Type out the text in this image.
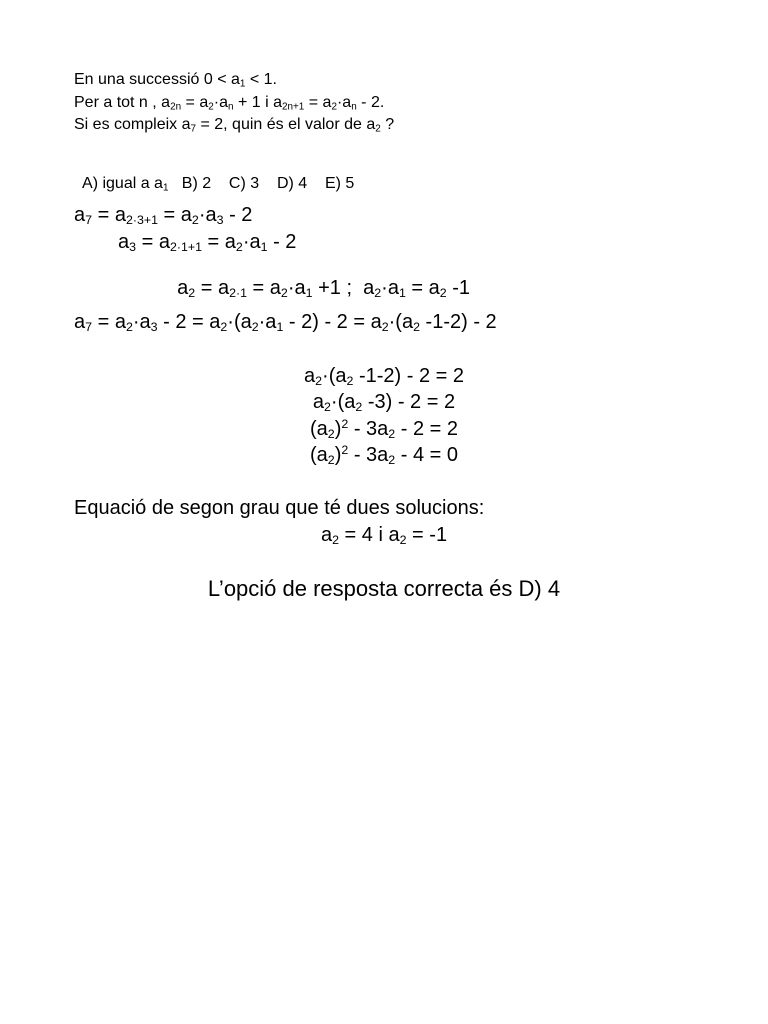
En una successió $0 < a_1 < 1$.
Per a tot n , $a_{2n} = a_2\cdot a_n + 1$ i $a_{2n+1} = a_2\cdot a_n - 2$.
Si es compleix $a_7 = 2$, quin és el valor de $a_2$ ?

A) igual a $a_1$   B) 2    C) 3    D) 4    E) 5

$a_7 = a_{2\cdot 3+1} = a_2\cdot a_3 - 2$
$a_3 = a_{2\cdot 1+1} = a_2\cdot a_1 - 2$

$a_2 = a_{2\cdot 1} = a_2\cdot a_1 +1$ ;  $a_2\cdot a_1 = a_2$ -1

$a_7 = a_2\cdot a_3 - 2 = a_2\cdot(a_2\cdot a_1 - 2) - 2 = a_2\cdot(a_2$ -1-2) - 2
$a_2\cdot(a_2$ -1-2) - 2 = 2
$a_2\cdot(a_2$ -3) - 2 = 2
$(a_2)^2 - 3a_2 - 2 = 2$
$(a_2)^2 - 3a_2 - 4 = 0$
Equació de segon grau que té dues solucions:
$a_2 = 4$ i $a_2 = -1$
L’opció de resposta correcta és D) 4
